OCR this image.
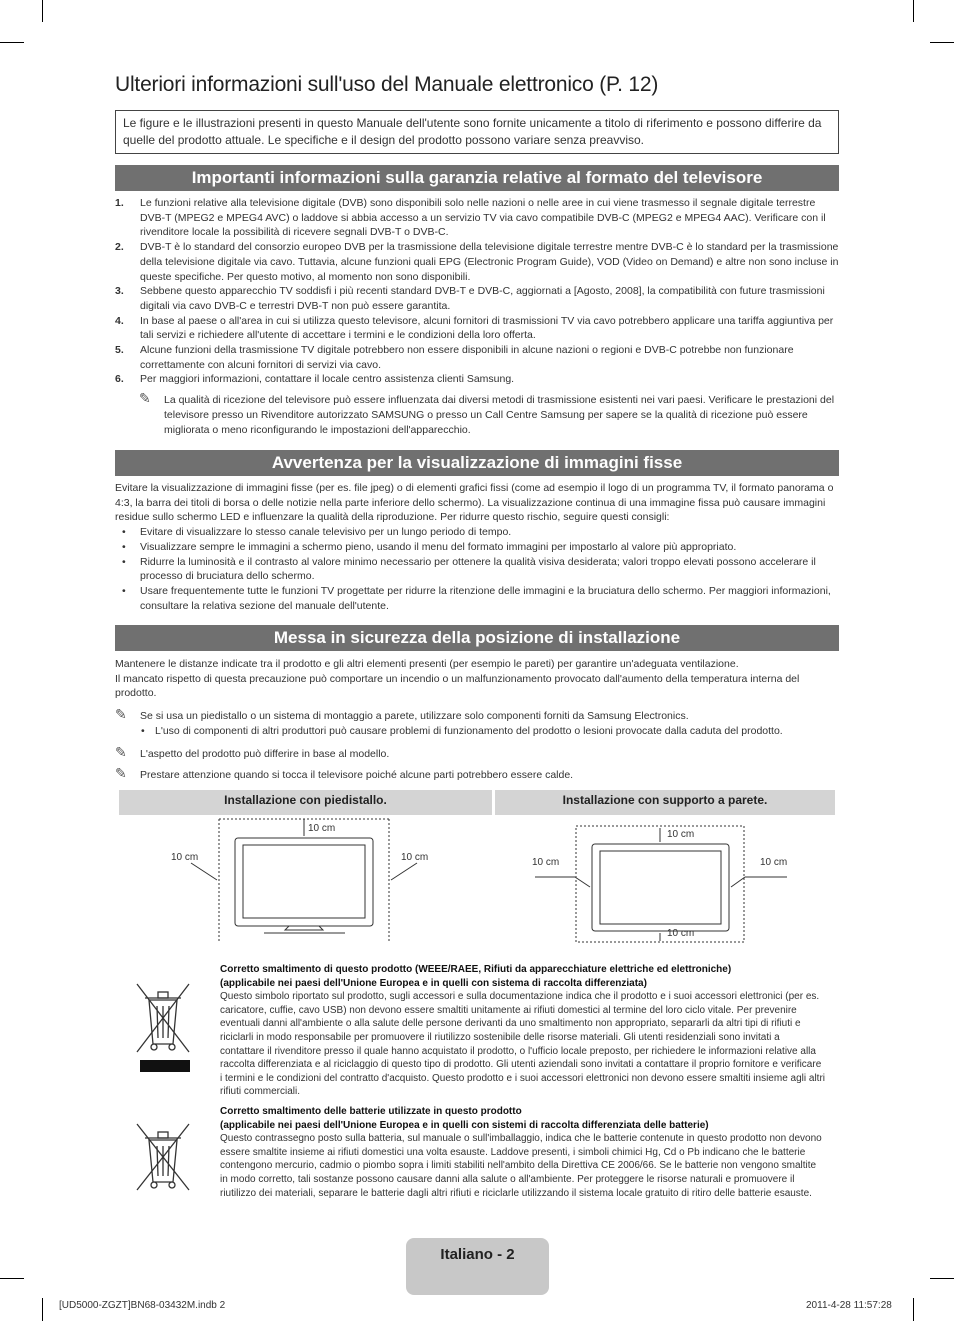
Ulteriori informazioni sull'uso del Manuale elettronico (P. 12)
Le figure e le illustrazioni presenti in questo Manuale dell'utente sono fornite unicamente a titolo di riferimento e possono differire da quelle del prodotto attuale. Le specifiche e il design del prodotto possono variare senza preavviso.
Importanti informazioni sulla garanzia relative al formato del televisore
1. Le funzioni relative alla televisione digitale (DVB) sono disponibili solo nelle nazioni o nelle aree in cui viene trasmesso il segnale digitale terrestre DVB-T (MPEG2 e MPEG4 AVC) o laddove si abbia accesso a un servizio TV via cavo compatibile DVB-C (MPEG2 e MPEG4 AAC). Verificare con il rivenditore locale la possibilità di ricevere segnali DVB-T o DVB-C.
2. DVB-T è lo standard del consorzio europeo DVB per la trasmissione della televisione digitale terrestre mentre DVB-C è lo standard per la trasmissione della televisione digitale via cavo. Tuttavia, alcune funzioni quali EPG (Electronic Program Guide), VOD (Video on Demand) e altre non sono incluse in queste specifiche. Per questo motivo, al momento non sono disponibili.
3. Sebbene questo apparecchio TV soddisfi i più recenti standard DVB-T e DVB-C, aggiornati a [Agosto, 2008], la compatibilità con future trasmissioni digitali via cavo DVB-C e terrestri DVB-T non può essere garantita.
4. In base al paese o all'area in cui si utilizza questo televisore, alcuni fornitori di trasmissioni TV via cavo potrebbero applicare una tariffa aggiuntiva per tali servizi e richiedere all'utente di accettare i termini e le condizioni della loro offerta.
5. Alcune funzioni della trasmissione TV digitale potrebbero non essere disponibili in alcune nazioni o regioni e DVB-C potrebbe non funzionare correttamente con alcuni fornitori di servizi via cavo.
6. Per maggiori informazioni, contattare il locale centro assistenza clienti Samsung.
✎ La qualità di ricezione del televisore può essere influenzata dai diversi metodi di trasmissione esistenti nei vari paesi. Verificare le prestazioni del televisore presso un Rivenditore autorizzato SAMSUNG o presso un Call Centre Samsung per sapere se la qualità di ricezione può essere migliorata o meno riconfigurando le impostazioni dell'apparecchio.
Avvertenza per la visualizzazione di immagini fisse
Evitare la visualizzazione di immagini fisse (per es. file jpeg) o di elementi grafici fissi (come ad esempio il logo di un programma TV, il formato panorama o 4:3, la barra dei titoli di borsa o delle notizie nella parte inferiore dello schermo). La visualizzazione continua di una immagine fissa può causare immagini residue sullo schermo LED e influenzare la qualità della riproduzione. Per ridurre questo rischio, seguire questi consigli:
• Evitare di visualizzare lo stesso canale televisivo per un lungo periodo di tempo.
• Visualizzare sempre le immagini a schermo pieno, usando il menu del formato immagini per impostarlo al valore più appropriato.
• Ridurre la luminosità e il contrasto al valore minimo necessario per ottenere la qualità visiva desiderata; valori troppo elevati possono accelerare il processo di bruciatura dello schermo.
• Usare frequentemente tutte le funzioni TV progettate per ridurre la ritenzione delle immagini e la bruciatura dello schermo. Per maggiori informazioni, consultare la relativa sezione del manuale dell'utente.
Messa in sicurezza della posizione di installazione
Mantenere le distanze indicate tra il prodotto e gli altri elementi presenti (per esempio le pareti) per garantire un'adeguata ventilazione.
Il mancato rispetto di questa precauzione può comportare un incendio o un malfunzionamento provocato dall'aumento della temperatura interna del prodotto.
✎ Se si usa un piedistallo o un sistema di montaggio a parete, utilizzare solo componenti forniti da Samsung Electronics.
• L'uso di componenti di altri produttori può causare problemi di funzionamento del prodotto o lesioni provocate dalla caduta del prodotto.
✎ L'aspetto del prodotto può differire in base al modello.
✎ Prestare attenzione quando si tocca il televisore poiché alcune parti potrebbero essere calde.
Installazione con piedistallo.	Installazione con supporto a parete.
10 cm
10 cm	10 cm
10 cm
10 cm	10 cm
10 cm
Corretto smaltimento di questo prodotto (WEEE/RAEE, Rifiuti da apparecchiature elettriche ed elettroniche)
(applicabile nei paesi dell'Unione Europea e in quelli con sistema di raccolta differenziata)
Questo simbolo riportato sul prodotto, sugli accessori e sulla documentazione indica che il prodotto e i suoi accessori elettronici (per es. caricatore, cuffie, cavo USB) non devono essere smaltiti unitamente ai rifiuti domestici al termine del loro ciclo vitale. Per prevenire eventuali danni all'ambiente o alla salute delle persone derivanti da uno smaltimento non appropriato, separarli da altri tipi di rifiuti e riciclarli in modo responsabile per promuovere il riutilizzo sostenibile delle risorse materiali. Gli utenti residenziali sono invitati a contattare il rivenditore presso il quale hanno acquistato il prodotto, o l'ufficio locale preposto, per richiedere le informazioni relative alla raccolta differenziata e al riciclaggio di questo tipo di prodotto. Gli utenti aziendali sono invitati a contattare il proprio fornitore e verificare i termini e le condizioni del contratto d'acquisto. Questo prodotto e i suoi accessori elettronici non devono essere smaltiti insieme agli altri rifiuti commerciali.
Corretto smaltimento delle batterie utilizzate in questo prodotto
(applicabile nei paesi dell'Unione Europea e in quelli con sistemi di raccolta differenziata delle batterie)
Questo contrassegno posto sulla batteria, sul manuale o sull'imballaggio, indica che le batterie contenute in questo prodotto non devono essere smaltite insieme ai rifiuti domestici una volta esauste. Laddove presenti, i simboli chimici Hg, Cd o Pb indicano che le batterie contengono mercurio, cadmio o piombo sopra i limiti stabiliti nell'ambito della Direttiva CE 2006/66. Se le batterie non vengono smaltite in modo corretto, tali sostanze possono causare danni alla salute o all'ambiente. Per proteggere le risorse naturali e promuovere il riutilizzo dei materiali, separare le batterie dagli altri rifiuti e riciclarle utilizzando il sistema locale gratuito di ritiro delle batterie esauste.
Italiano - 2
[UD5000-ZGZT]BN68-03432M.indb 2	2011-4-28 11:57:28
